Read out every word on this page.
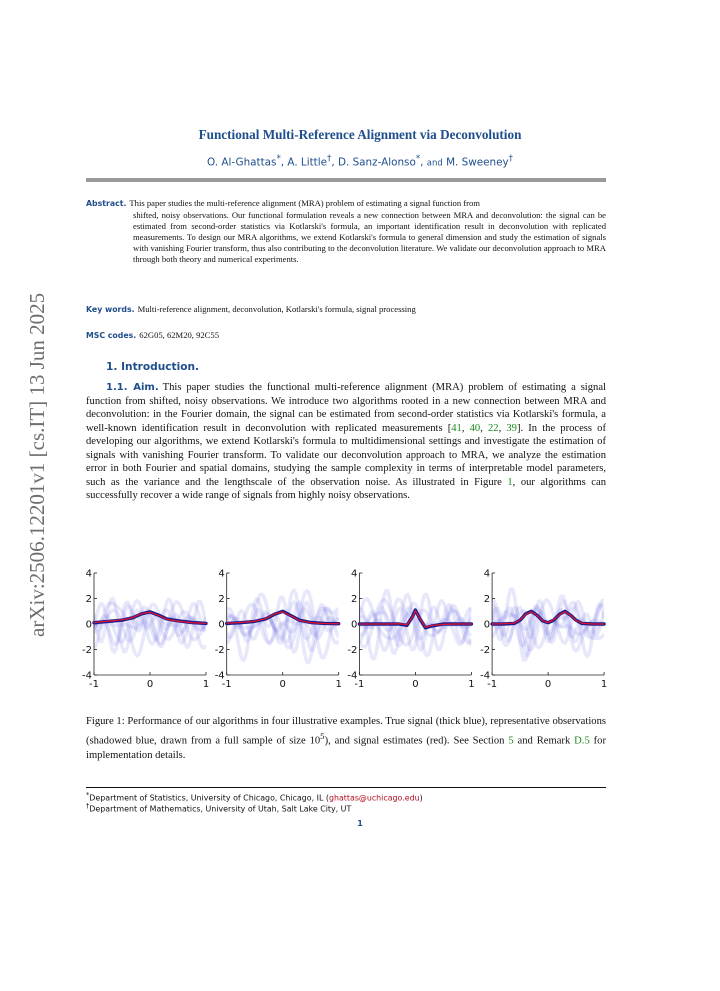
arXiv:2506.12201v1 [cs.IT] 13 Jun 2025
Functional Multi-Reference Alignment via Deconvolution
O. Al-Ghattas*, A. Little†, D. Sanz-Alonso*, and M. Sweeney†
Abstract. This paper studies the multi-reference alignment (MRA) problem of estimating a signal function from
shifted, noisy observations. Our functional formulation reveals a new connection between MRA and deconvolution: the signal can be estimated from second-order statistics via Kotlarski's formula, an important identification result in deconvolution with replicated measurements. To design our MRA algorithms, we extend Kotlarski's formula to general dimension and study the estimation of signals with vanishing Fourier transform, thus also contributing to the deconvolution literature. We validate our deconvolution approach to MRA through both theory and numerical experiments.
Key words. Multi-reference alignment, deconvolution, Kotlarski's formula, signal processing
MSC codes. 62G05, 62M20, 92C55
1. Introduction.
1.1. Aim. This paper studies the functional multi-reference alignment (MRA) problem of estimating a signal function from shifted, noisy observations. We introduce two algorithms rooted in a new connection between MRA and deconvolution: in the Fourier domain, the signal can be estimated from second-order statistics via Kotlarski's formula, a well-known identification result in deconvolution with replicated measurements [41, 40, 22, 39]. In the process of developing our algorithms, we extend Kotlarski's formula to multidimensional settings and investigate the estimation of signals with vanishing Fourier transform. To validate our deconvolution approach to MRA, we analyze the estimation error in both Fourier and spatial domains, studying the sample complexity in terms of interpretable model parameters, such as the variance and the lengthscale of the observation noise. As illustrated in Figure 1, our algorithms can successfully recover a wide range of signals from highly noisy observations.
4
2
0
-2
-4
-1	0	1
4
2
0
-2
-4
-1	0	1
4
2
0
-2
-4
-1	0	1
4
2
0
-2
-4
-1	0	1
Figure 1: Performance of our algorithms in four illustrative examples. True signal (thick blue), representative observations (shadowed blue, drawn from a full sample of size $10^5$), and signal estimates (red). See Section 5 and Remark D.5 for implementation details.
*Department of Statistics, University of Chicago, Chicago, IL (ghattas@uchicago.edu)
†Department of Mathematics, University of Utah, Salt Lake City, UT
1
